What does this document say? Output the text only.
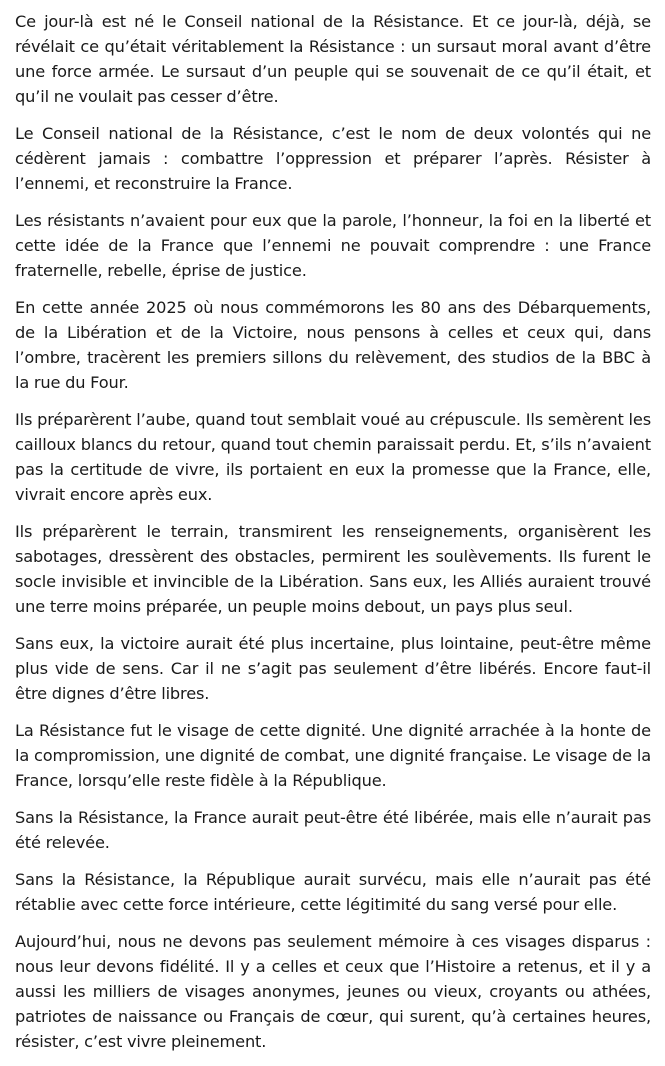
Ce jour-là est né le Conseil national de la Résistance. Et ce jour-là, déjà, se révélait ce qu’était véritablement la Résistance : un sursaut moral avant d’être une force armée. Le sursaut d’un peuple qui se souvenait de ce qu’il était, et qu’il ne voulait pas cesser d’être.

Le Conseil national de la Résistance, c’est le nom de deux volontés qui ne cédèrent jamais : combattre l’oppression et préparer l’après. Résister à l’ennemi, et reconstruire la France.

Les résistants n’avaient pour eux que la parole, l’honneur, la foi en la liberté et cette idée de la France que l’ennemi ne pouvait comprendre : une France fraternelle, rebelle, éprise de justice.

En cette année 2025 où nous commémorons les 80 ans des Débarquements, de la Libération et de la Victoire, nous pensons à celles et ceux qui, dans l’ombre, tracèrent les premiers sillons du relèvement, des studios de la BBC à la rue du Four.

Ils préparèrent l’aube, quand tout semblait voué au crépuscule. Ils semèrent les cailloux blancs du retour, quand tout chemin paraissait perdu. Et, s’ils n’avaient pas la certitude de vivre, ils portaient en eux la promesse que la France, elle, vivrait encore après eux.

Ils préparèrent le terrain, transmirent les renseignements, organisèrent les sabotages, dressèrent des obstacles, permirent les soulèvements. Ils furent le socle invisible et invincible de la Libération. Sans eux, les Alliés auraient trouvé une terre moins préparée, un peuple moins debout, un pays plus seul.

Sans eux, la victoire aurait été plus incertaine, plus lointaine, peut-être même plus vide de sens. Car il ne s’agit pas seulement d’être libérés. Encore faut-il être dignes d’être libres.

La Résistance fut le visage de cette dignité. Une dignité arrachée à la honte de la compromission, une dignité de combat, une dignité française. Le visage de la France, lorsqu’elle reste fidèle à la République.

Sans la Résistance, la France aurait peut-être été libérée, mais elle n’aurait pas été relevée.

Sans la Résistance, la République aurait survécu, mais elle n’aurait pas été rétablie avec cette force intérieure, cette légitimité du sang versé pour elle.

Aujourd’hui, nous ne devons pas seulement mémoire à ces visages disparus : nous leur devons fidélité. Il y a celles et ceux que l’Histoire a retenus, et il y a aussi les milliers de visages anonymes, jeunes ou vieux, croyants ou athées, patriotes de naissance ou Français de cœur, qui surent, qu’à certaines heures, résister, c’est vivre pleinement.
